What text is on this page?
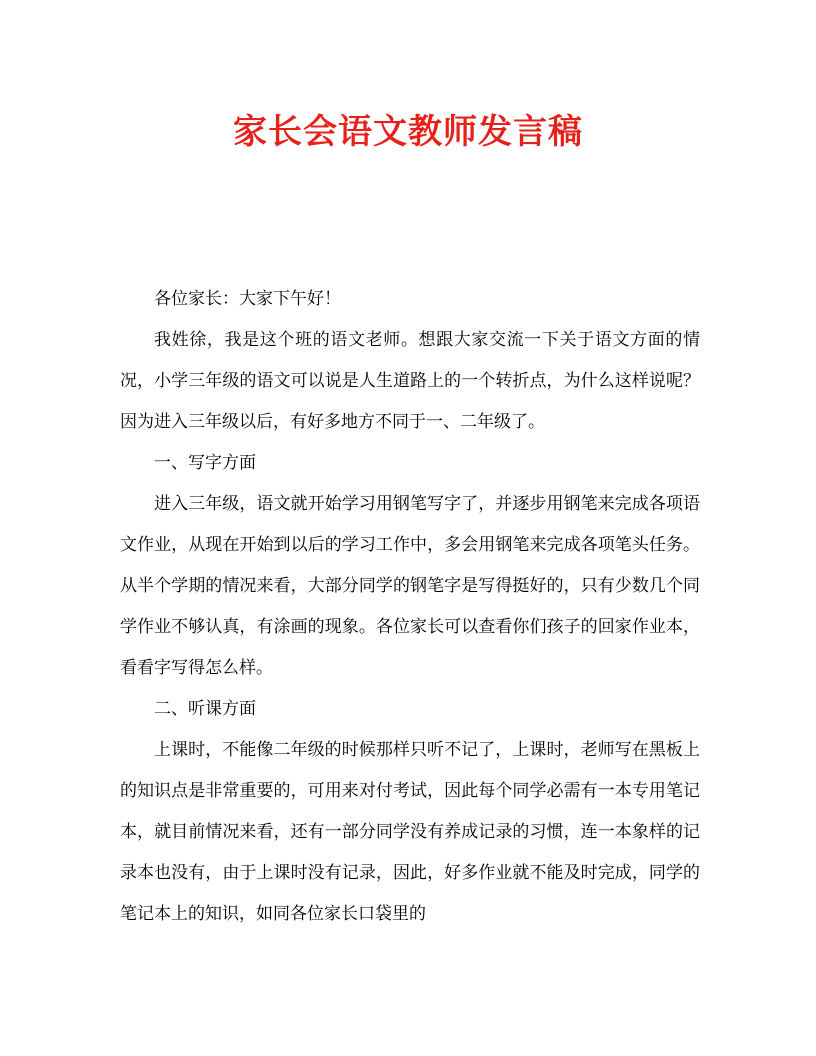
家长会语文教师发言稿

各位家长：大家下午好！

我姓徐，我是这个班的语文老师。想跟大家交流一下关于语文方面的情况，小学三年级的语文可以说是人生道路上的一个转折点，为什么这样说呢？因为进入三年级以后，有好多地方不同于一、二年级了。

一、写字方面

进入三年级，语文就开始学习用钢笔写字了，并逐步用钢笔来完成各项语文作业，从现在开始到以后的学习工作中，多会用钢笔来完成各项笔头任务。从半个学期的情况来看，大部分同学的钢笔字是写得挺好的，只有少数几个同学作业不够认真，有涂画的现象。各位家长可以查看你们孩子的回家作业本，看看字写得怎么样。

二、听课方面

上课时，不能像二年级的时候那样只听不记了，上课时，老师写在黑板上的知识点是非常重要的，可用来对付考试，因此每个同学必需有一本专用笔记本，就目前情况来看，还有一部分同学没有养成记录的习惯，连一本象样的记录本也没有，由于上课时没有记录，因此，好多作业就不能及时完成，同学的笔记本上的知识，如同各位家长口袋里的
